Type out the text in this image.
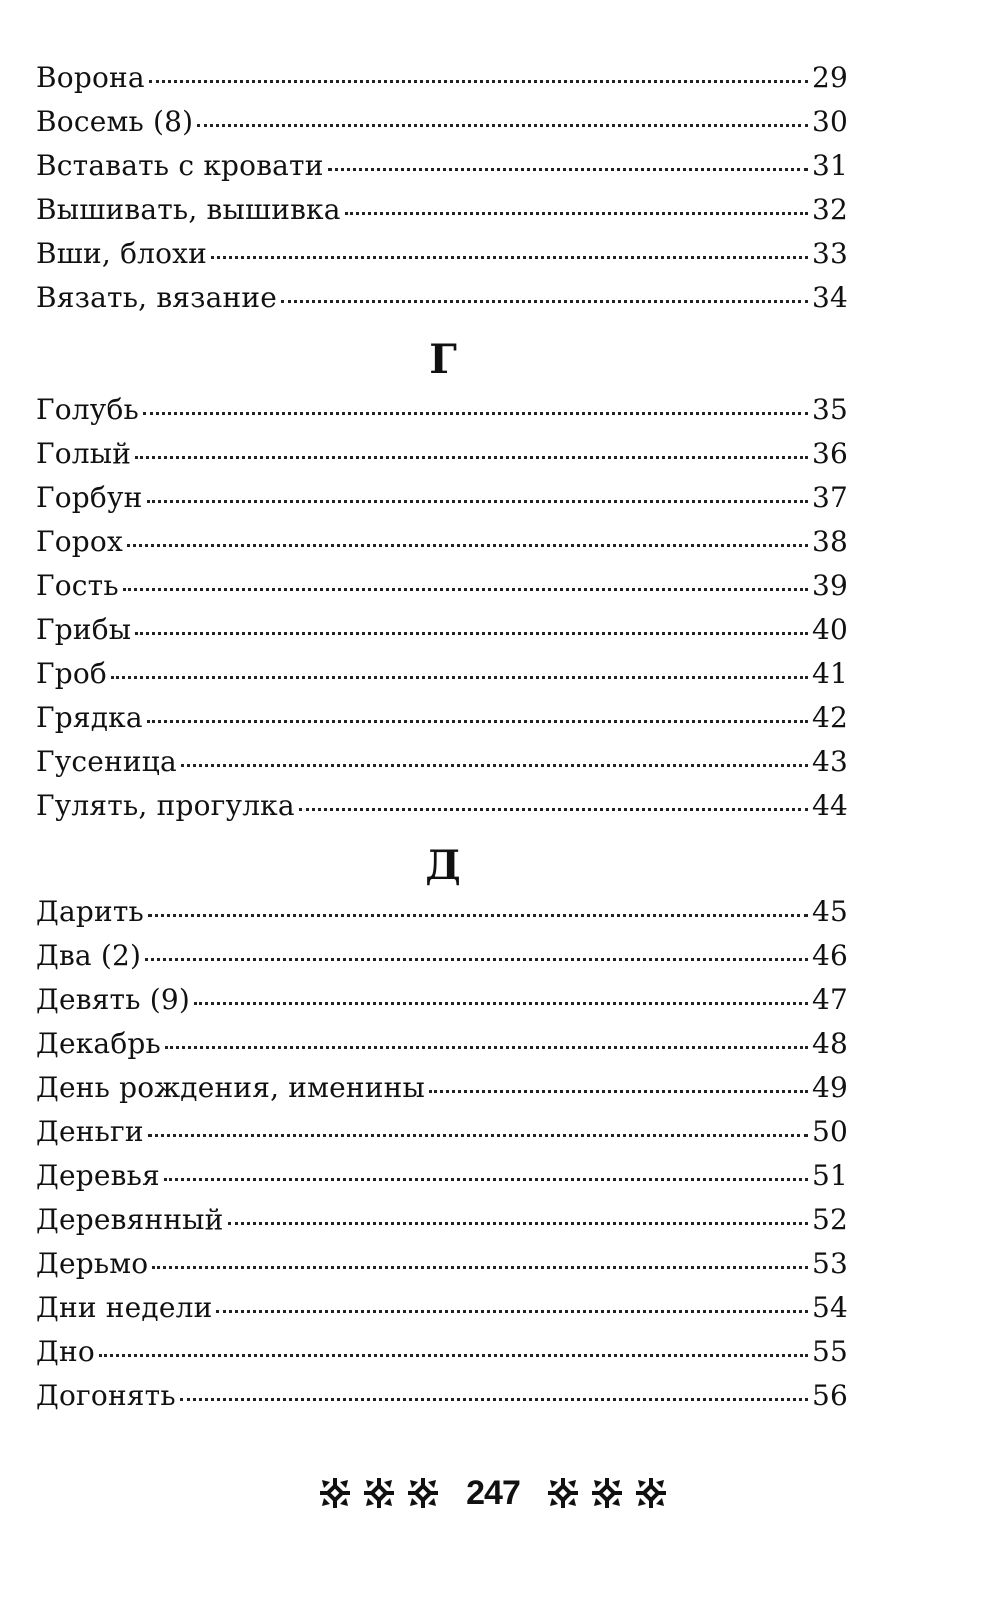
Ворона	29
Восемь (8)	30
Вставать с кровати	31
Вышивать, вышивка	32
Вши, блохи	33
Вязать, вязание	34
Г
Голубь	35
Голый	36
Горбун	37
Горох	38
Гость	39
Грибы	40
Гроб	41
Грядка	42
Гусеница	43
Гулять, прогулка	44
Д
Дарить	45
Два (2)	46
Девять (9)	47
Декабрь	48
День рождения, именины	49
Деньги	50
Деревья	51
Деревянный	52
Дерьмо	53
Дни недели	54
Дно	55
Догонять	56
247
